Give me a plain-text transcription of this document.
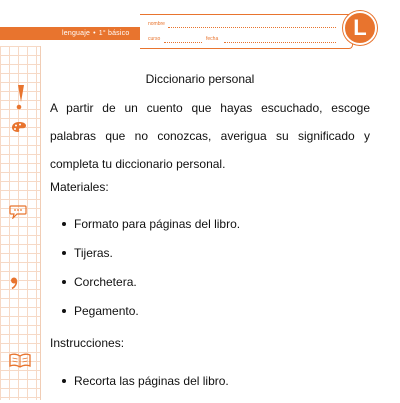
lenguaje • 1° básico
nombre
curso	fecha	L
Diccionario personal
A partir de un cuento que hayas escuchado, escoge palabras que no conozcas, averigua su significado y completa tu diccionario personal.
Materiales:
Formato para páginas del libro.
Tijeras.
Corchetera.
Pegamento.
Instrucciones:
Recorta las páginas del libro.
